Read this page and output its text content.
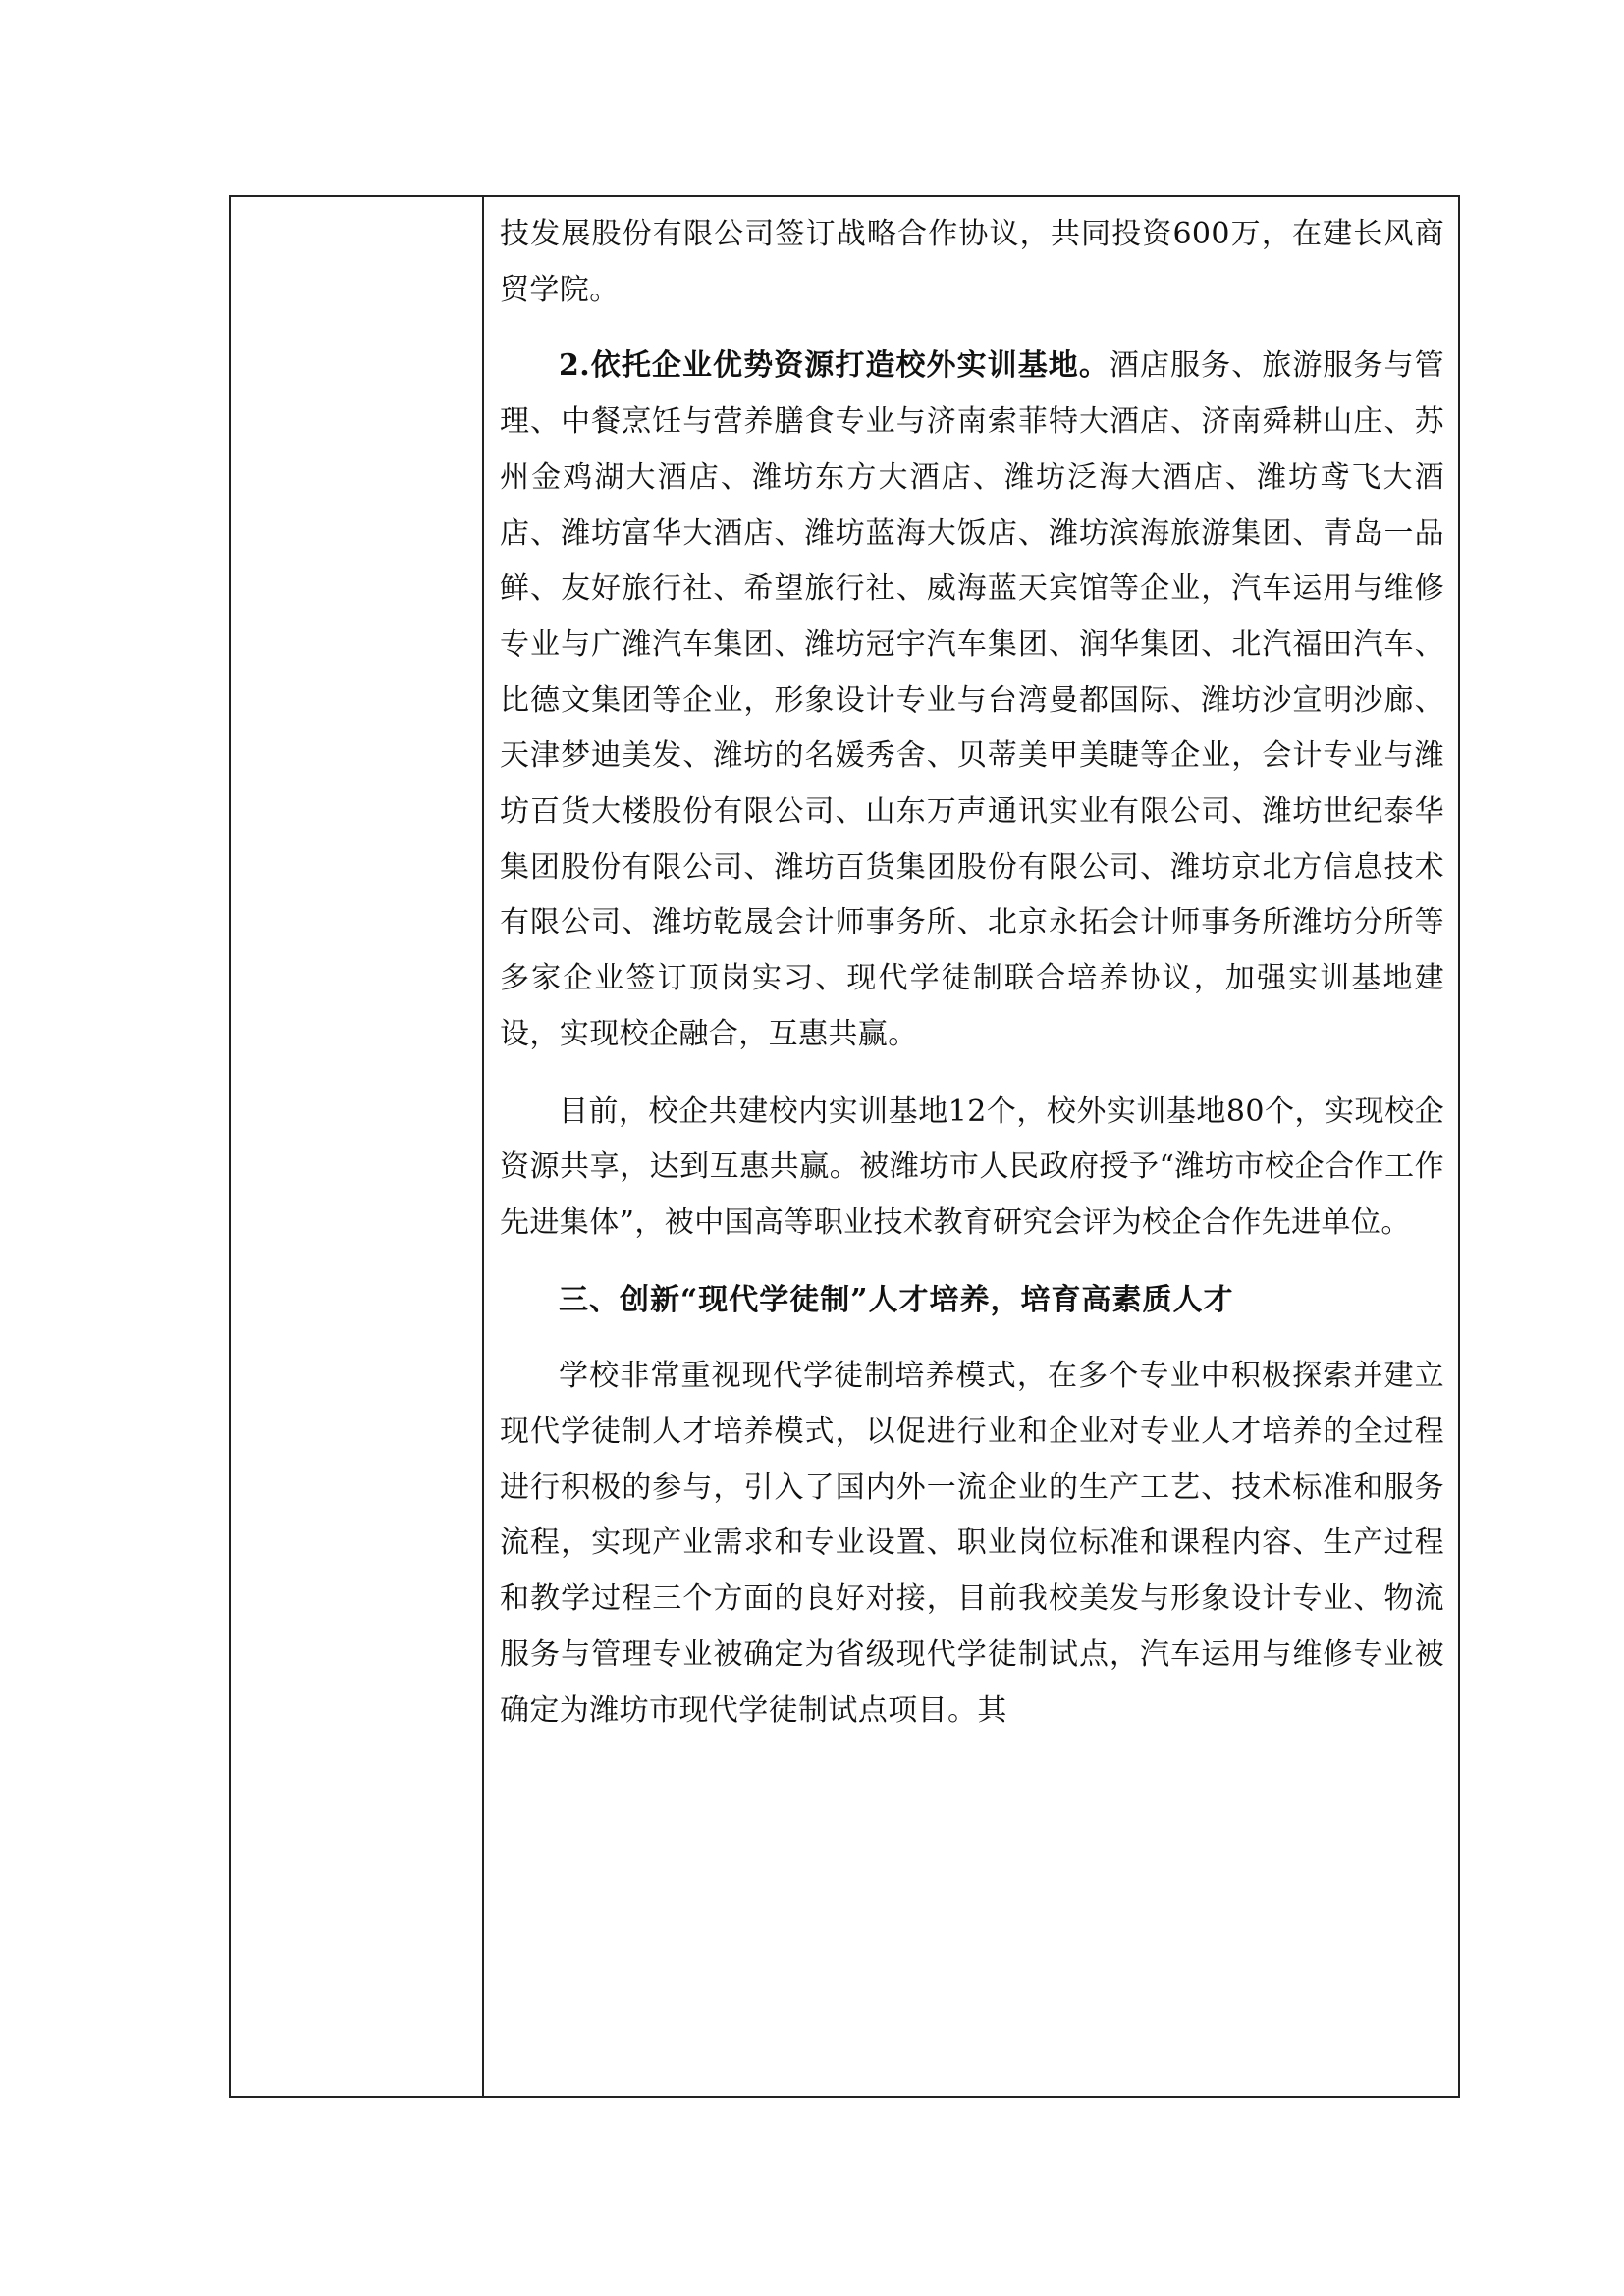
技发展股份有限公司签订战略合作协议，共同投资600万，在建长风商贸学院。

2.依托企业优势资源打造校外实训基地。酒店服务、旅游服务与管理、中餐烹饪与营养膳食专业与济南索菲特大酒店、济南舜耕山庄、苏州金鸡湖大酒店、潍坊东方大酒店、潍坊泛海大酒店、潍坊鸢飞大酒店、潍坊富华大酒店、潍坊蓝海大饭店、潍坊滨海旅游集团、青岛一品鲜、友好旅行社、希望旅行社、威海蓝天宾馆等企业，汽车运用与维修专业与广潍汽车集团、潍坊冠宇汽车集团、润华集团、北汽福田汽车、比德文集团等企业，形象设计专业与台湾曼都国际、潍坊沙宣明沙廊、天津梦迪美发、潍坊的名媛秀舍、贝蒂美甲美睫等企业，会计专业与潍坊百货大楼股份有限公司、山东万声通讯实业有限公司、潍坊世纪泰华集团股份有限公司、潍坊百货集团股份有限公司、潍坊京北方信息技术有限公司、潍坊乾晟会计师事务所、北京永拓会计师事务所潍坊分所等多家企业签订顶岗实习、现代学徒制联合培养协议，加强实训基地建设，实现校企融合，互惠共赢。

目前，校企共建校内实训基地12个，校外实训基地80个，实现校企资源共享，达到互惠共赢。被潍坊市人民政府授予“潍坊市校企合作工作先进集体”，被中国高等职业技术教育研究会评为校企合作先进单位。

三、创新“现代学徒制”人才培养，培育高素质人才

学校非常重视现代学徒制培养模式，在多个专业中积极探索并建立现代学徒制人才培养模式，以促进行业和企业对专业人才培养的全过程进行积极的参与，引入了国内外一流企业的生产工艺、技术标准和服务流程，实现产业需求和专业设置、职业岗位标准和课程内容、生产过程和教学过程三个方面的良好对接，目前我校美发与形象设计专业、物流服务与管理专业被确定为省级现代学徒制试点，汽车运用与维修专业被确定为潍坊市现代学徒制试点项目。其
